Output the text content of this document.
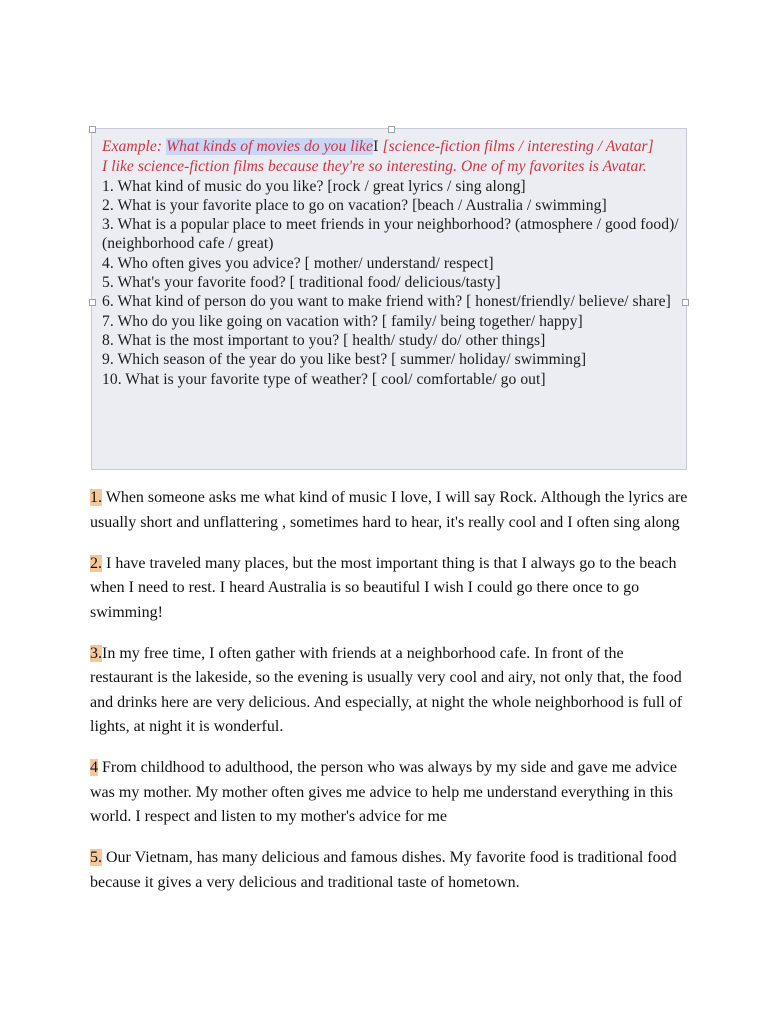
Example: What kinds of movies do you likeⅠ [science-fiction films / interesting / Avatar]

I like science-fiction films because they're so interesting. One of my favorites is Avatar.

1. What kind of music do you like? [rock / great lyrics / sing along]

2. What is your favorite place to go on vacation? [beach / Australia / swimming]

3. What is a popular place to meet friends in your neighborhood? (atmosphere / good food)/ (neighborhood cafe / great)

4. Who often gives you advice? [ mother/ understand/ respect]

5. What's your favorite food? [ traditional food/ delicious/tasty]

6. What kind of person do you want to make friend with? [ honest/friendly/ believe/ share]

7. Who do you like going on vacation with? [ family/ being together/ happy]

8. What is the most important to you? [ health/ study/ do/ other things]

9. Which season of the year do you like best? [ summer/ holiday/ swimming]

10. What is your favorite type of weather? [ cool/ comfortable/ go out]

1. When someone asks me what kind of music I love, I will say Rock. Although the lyrics are usually short and unflattering , sometimes hard to hear, it's really cool and I often sing along

2. I have traveled many places, but the most important thing is that I always go to the beach when I need to rest. I heard Australia is so beautiful I wish I could go there once to go swimming!

3.In my free time, I often gather with friends at a neighborhood cafe. In front of the restaurant is the lakeside, so the evening is usually very cool and airy, not only that, the food and drinks here are very delicious. And especially, at night the whole neighborhood is full of lights, at night it is wonderful.

4 From childhood to adulthood, the person who was always by my side and gave me advice was my mother. My mother often gives me advice to help me understand everything in this world. I respect and listen to my mother's advice for me

5. Our Vietnam, has many delicious and famous dishes. My favorite food is traditional food because it gives a very delicious and traditional taste of hometown.
